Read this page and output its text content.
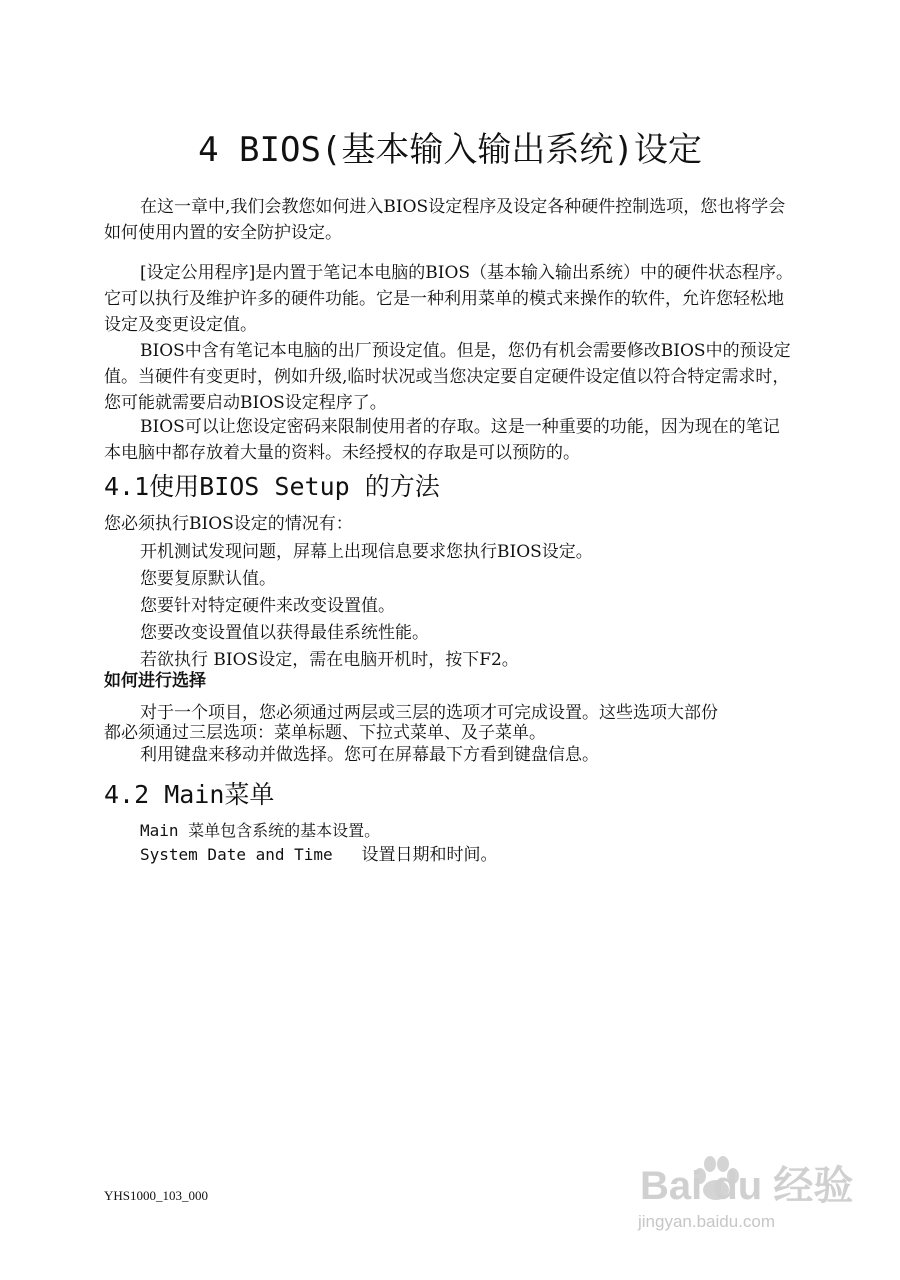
4 BIOS(基本输入输出系统)设定

在这一章中,我们会教您如何进入BIOS设定程序及设定各种硬件控制选项，您也将学会如何使用内置的安全防护设定。

[设定公用程序]是内置于笔记本电脑的BIOS（基本输入输出系统）中的硬件状态程序。它可以执行及维护许多的硬件功能。它是一种利用菜单的模式来操作的软件，允许您轻松地设定及变更设定值。

BIOS中含有笔记本电脑的出厂预设定值。但是，您仍有机会需要修改BIOS中的预设定值。当硬件有变更时，例如升级,临时状况或当您决定要自定硬件设定值以符合特定需求时，您可能就需要启动BIOS设定程序了。

BIOS可以让您设定密码来限制使用者的存取。这是一种重要的功能，因为现在的笔记本电脑中都存放着大量的资料。未经授权的存取是可以预防的。

4.1使用BIOS Setup 的方法
您必须执行BIOS设定的情况有：
开机测试发现问题，屏幕上出现信息要求您执行BIOS设定。
您要复原默认值。
您要针对特定硬件来改变设置值。
您要改变设置值以获得最佳系统性能。
若欲执行 BIOS设定，需在电脑开机时，按下F2。
如何进行选择
对于一个项目，您必须通过两层或三层的选项才可完成设置。这些选项大部份
都必须通过三层选项：菜单标题、下拉式菜单、及子菜单。
利用键盘来移动并做选择。您可在屏幕最下方看到键盘信息。
4.2 Main菜单
Main 菜单包含系统的基本设置。
System Date and Time 设置日期和时间。
YHS1000_103_000	Bai du 经验
jingyan.baidu.com
